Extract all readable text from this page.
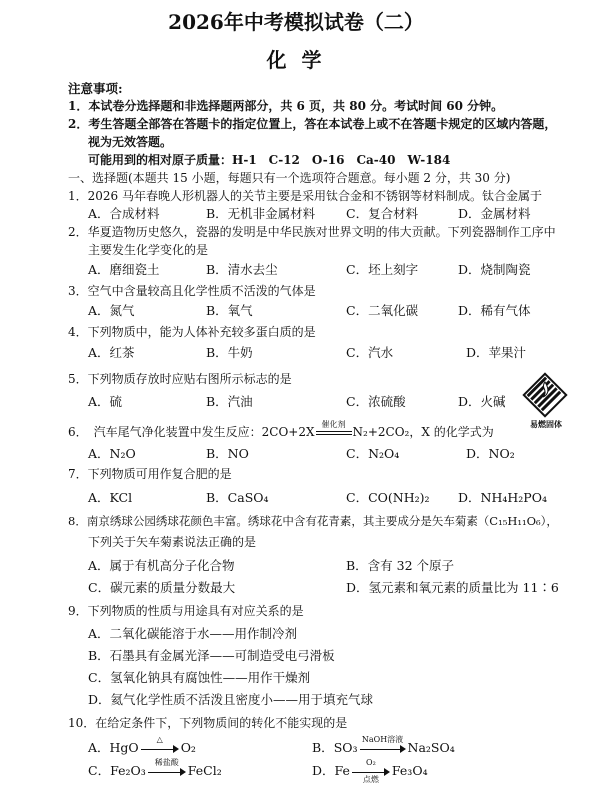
2026年中考模拟试卷（二）
化 学
注意事项:
1．本试卷分选择题和非选择题两部分，共 6 页，共 80 分。考试时间 60 分钟。
2．考生答题全部答在答题卡的指定位置上，答在本试卷上或不在答题卡规定的区域内答题，
视为无效答题。
可能用到的相对原子质量：H-1　C-12　O-16　Ca-40　W-184
一、选择题(本题共 15 小题，每题只有一个选项符合题意。每小题 2 分，共 30 分)
1．2026 马年春晚人形机器人的关节主要是采用钛合金和不锈钢等材料制成。钛合金属于
A．合成材料	B．无机非金属材料 C．复合材料	D．金属材料
2．华夏造物历史悠久，瓷器的发明是中华民族对世界文明的伟大贡献。下列瓷器制作工序中
主要发生化学变化的是
A．磨细瓷土	B．清水去尘	C．坯上刻字	D．烧制陶瓷
3．空气中含量较高且化学性质不活泼的气体是
A．氮气	B．氧气	C．二氧化碳	D．稀有气体
4．下列物质中，能为人体补充较多蛋白质的是
A．红茶	B．牛奶	C．汽水	D．苹果汁
5．下列物质存放时应贴右图所示标志的是
A．硫	B．汽油	C．浓硫酸	D．火碱
易燃固体
6．　汽车尾气净化装置中发生反应：2CO+2X
催化剂
N₂+2CO₂，X 的化学式为
A．N₂O	B．NO	C．N₂O₄	D．NO₂
7．下列物质可用作复合肥的是
A．KCl	B．CaSO₄	C．CO(NH₂)₂ D．NH₄H₂PO₄
8．南京绣球公园绣球花颜色丰富。绣球花中含有花青素，其主要成分是矢车菊素（C₁₅H₁₁O₆），
下列关于矢车菊素说法正确的是
A．属于有机高分子化合物	B．含有 32 个原子
C．碳元素的质量分数最大	D．氢元素和氧元素的质量比为 11∶6
9．下列物质的性质与用途具有对应关系的是
A．二氧化碳能溶于水——用作制冷剂
B．石墨具有金属光泽——可制造受电弓滑板
C．氢氧化钠具有腐蚀性——用作干燥剂
D．氦气化学性质不活泼且密度小——用于填充气球
10．在给定条件下，下列物质间的转化不能实现的是
A．HgO
△
O₂	B．SO₃
NaOH溶液
Na₂SO₄
C．Fe₂O₃
稀盐酸
FeCl₂	D．Fe
O₂
点燃
Fe₃O₄
